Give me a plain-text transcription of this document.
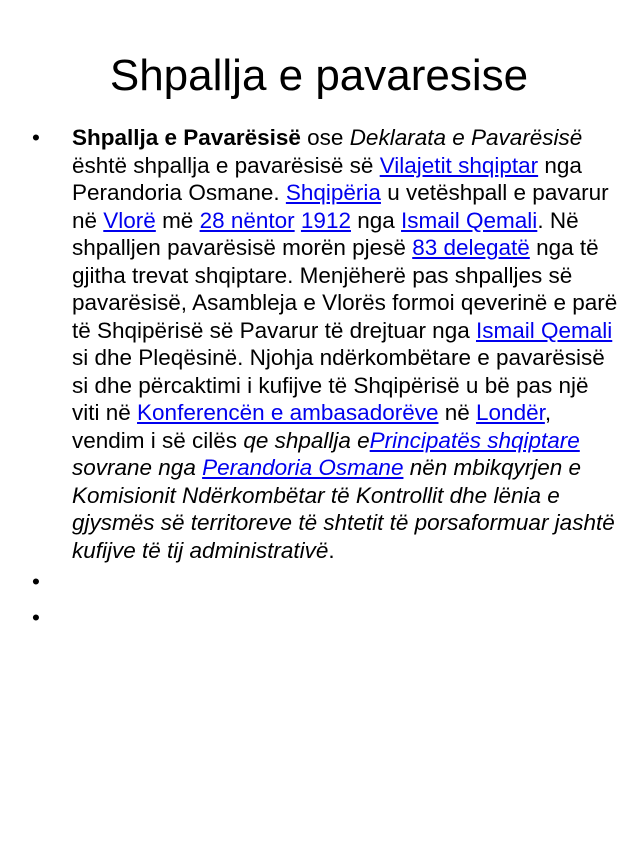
Shpallja e pavaresise
• Shpallja e Pavarësisë ose Deklarata e Pavarësisë është shpallja e pavarësisë së Vilajetit shqiptar nga Perandoria Osmane. Shqipëria u vetëshpall e pavarur në Vlorë më 28 nëntor 1912 nga Ismail Qemali. Në shpalljen pavarësisë morën pjesë 83 delegatë nga të gjitha trevat shqiptare. Menjëherë pas shpalljes së pavarësisë, Asambleja e Vlorës formoi qeverinë e parë të Shqipërisë së Pavarur të drejtuar nga Ismail Qemali si dhe Pleqësinë. Njohja ndërkombëtare e pavarësisë si dhe përcaktimi i kufijve të Shqipërisë u bë pas një viti në Konferencën e ambasadorëve në Londër, vendim i së cilës qe shpallja ePrincipatës shqiptare sovrane nga Perandoria Osmane nën mbikqyrjen e Komisionit Ndërkombëtar të Kontrollit dhe lënia e gjysmës së territoreve të shtetit të porsaformuar jashtë kufijve të tij administrativë.
•
•
